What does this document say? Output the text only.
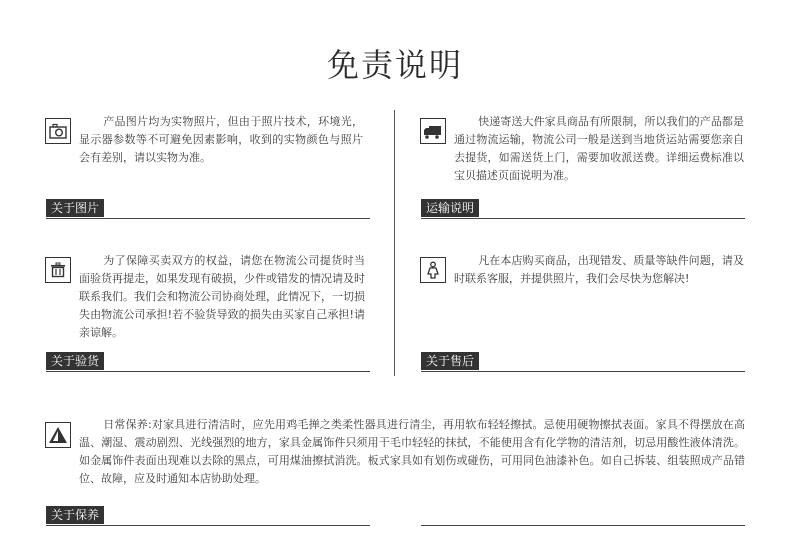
免责说明
产品图片均为实物照片，但由于照片技术，环境光，显示器参数等不可避免因素影响，收到的实物颜色与照片会有差别，请以实物为准。
关于图片
快递寄送大件家具商品有所限制，所以我们的产品都是通过物流运输，物流公司一般是送到当地货运站需要您亲自去提货，如需送货上门，需要加收派送费。详细运费标准以宝贝描述页面说明为准。
运输说明
为了保障买卖双方的权益，请您在物流公司提货时当面验货再提走，如果发现有破损，少件或错发的情况请及时联系我们。我们会和物流公司协商处理，此情况下，一切损失由物流公司承担!若不验货导致的损失由买家自己承担!请亲谅解。
关于验货
凡在本店购买商品，出现错发、质量等缺件问题，请及时联系客服，并提供照片，我们会尽快为您解决!
关于售后
日常保养:对家具进行清洁时，应先用鸡毛掸之类柔性器具进行清尘，再用软布轻轻擦拭。忌使用硬物擦拭表面。家具不得摆放在高温、潮湿、震动剧烈、光线强烈的地方，家具金属饰件只须用干毛巾轻轻的抹拭，不能使用含有化学物的清洁剂，切忌用酸性液体清洗。如金属饰件表面出现难以去除的黑点，可用煤油擦拭消洗。板式家具如有划伤或碰伤，可用同色油漆补色。如自己拆装、组装照成产品错位、故障，应及时通知本店协助处理。
关于保养
